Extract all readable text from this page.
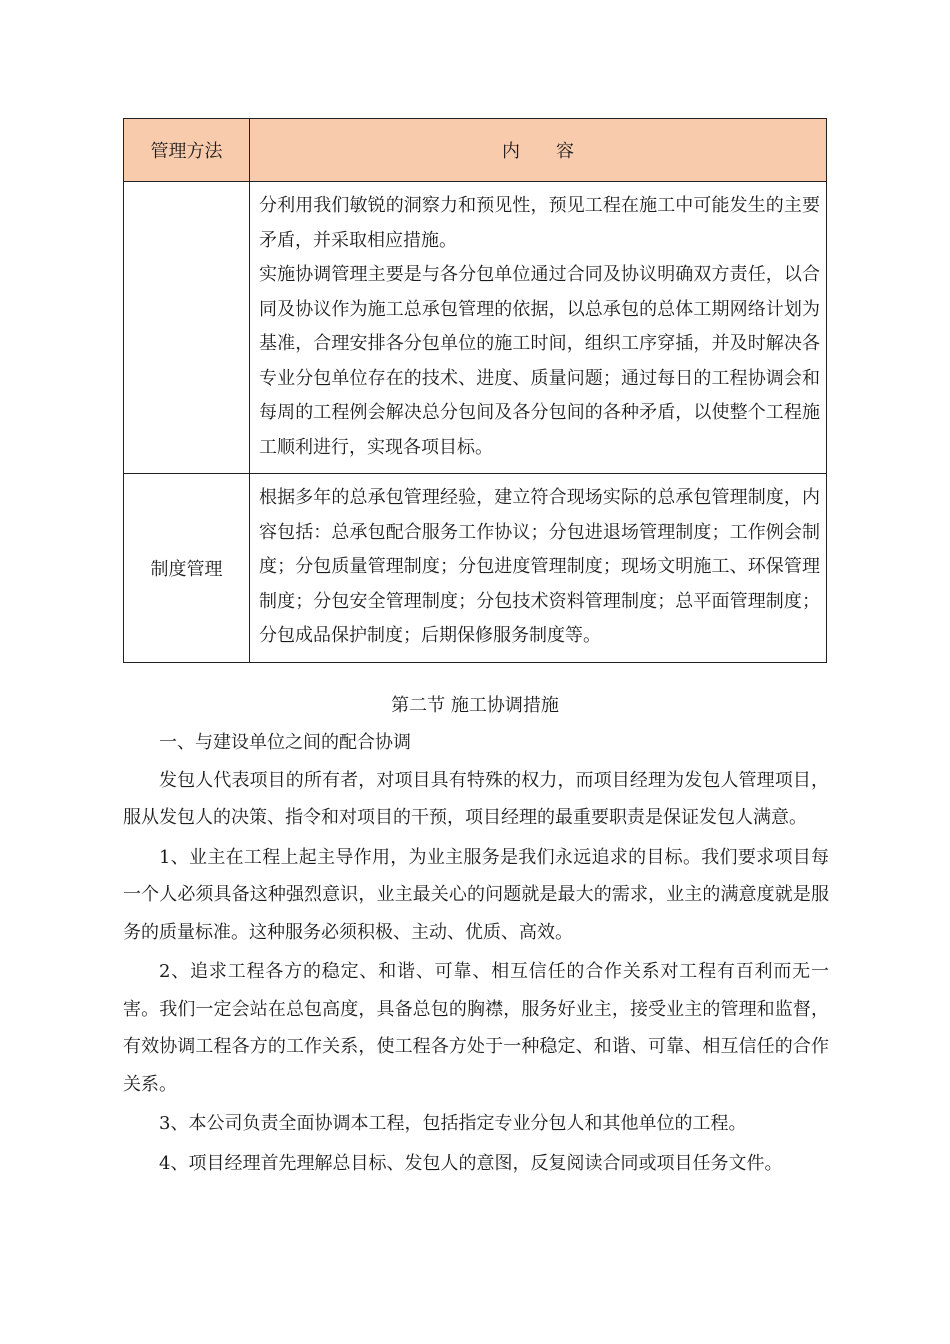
管理方法	内　　容

	分利用我们敏锐的洞察力和预见性，预见工程在施工中可能发生的主要矛盾，并采取相应措施。

实施协调管理主要是与各分包单位通过合同及协议明确双方责任，以合同及协议作为施工总承包管理的依据，以总承包的总体工期网络计划为基准，合理安排各分包单位的施工时间，组织工序穿插，并及时解决各专业分包单位存在的技术、进度、质量问题；通过每日的工程协调会和每周的工程例会解决总分包间及各分包间的各种矛盾，以使整个工程施工顺利进行，实现各项目标。

制度管理	根据多年的总承包管理经验，建立符合现场实际的总承包管理制度，内容包括：总承包配合服务工作协议；分包进退场管理制度；工作例会制度；分包质量管理制度；分包进度管理制度；现场文明施工、环保管理制度；分包安全管理制度；分包技术资料管理制度；总平面管理制度；分包成品保护制度；后期保修服务制度等。

第二节 施工协调措施

一、与建设单位之间的配合协调

发包人代表项目的所有者，对项目具有特殊的权力，而项目经理为发包人管理项目，服从发包人的决策、指令和对项目的干预，项目经理的最重要职责是保证发包人满意。

1、业主在工程上起主导作用，为业主服务是我们永远追求的目标。我们要求项目每一个人必须具备这种强烈意识，业主最关心的问题就是最大的需求，业主的满意度就是服务的质量标准。这种服务必须积极、主动、优质、高效。

2、追求工程各方的稳定、和谐、可靠、相互信任的合作关系对工程有百利而无一害。我们一定会站在总包高度，具备总包的胸襟，服务好业主，接受业主的管理和监督，有效协调工程各方的工作关系，使工程各方处于一种稳定、和谐、可靠、相互信任的合作关系。

3、本公司负责全面协调本工程，包括指定专业分包人和其他单位的工程。

4、项目经理首先理解总目标、发包人的意图，反复阅读合同或项目任务文件。
